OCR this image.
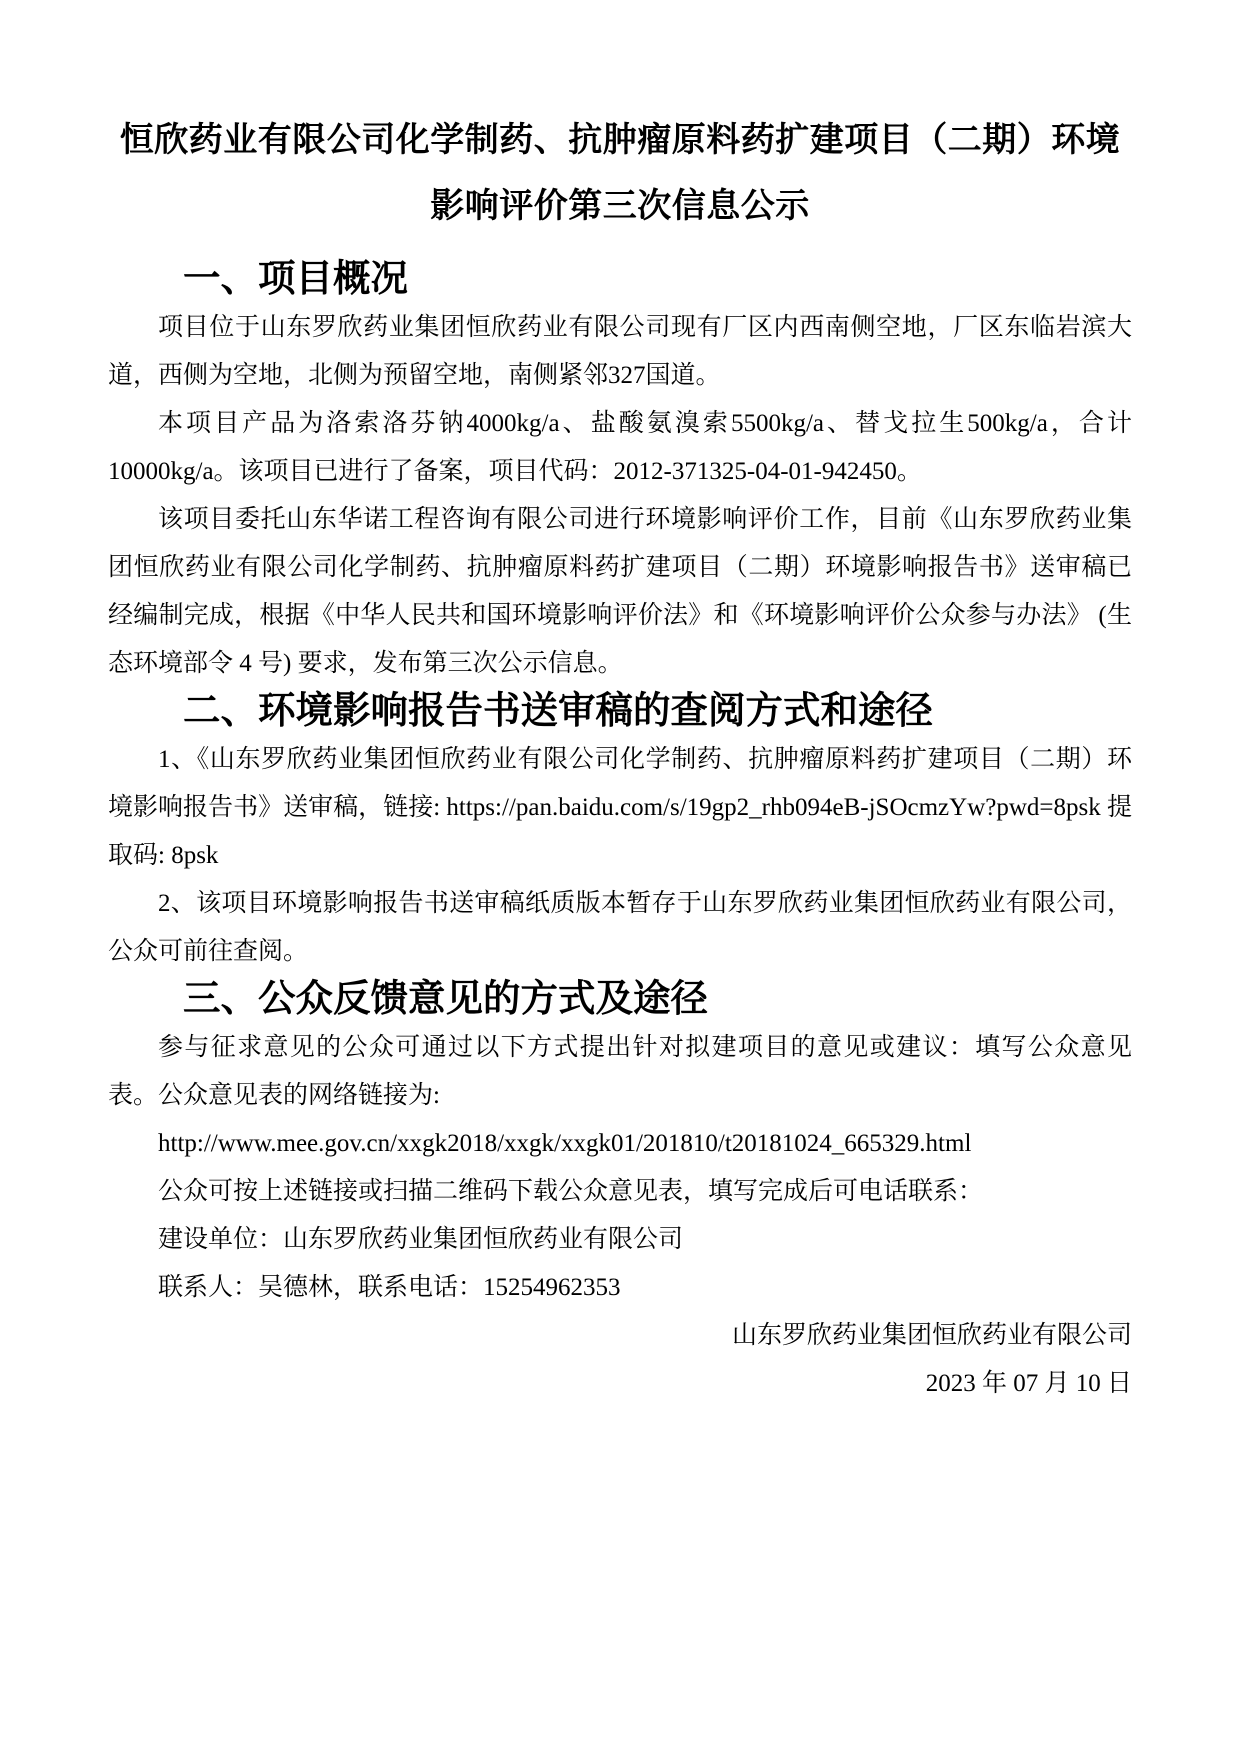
恒欣药业有限公司化学制药、抗肿瘤原料药扩建项目（二期）环境影响评价第三次信息公示
一、项目概况

项目位于山东罗欣药业集团恒欣药业有限公司现有厂区内西南侧空地，厂区东临岩滨大道，西侧为空地，北侧为预留空地，南侧紧邻327国道。

本项目产品为洛索洛芬钠4000kg/a、盐酸氨溴索5500kg/a、替戈拉生500kg/a，合计10000kg/a。该项目已进行了备案，项目代码：2012-371325-04-01-942450。

该项目委托山东华诺工程咨询有限公司进行环境影响评价工作，目前《山东罗欣药业集团恒欣药业有限公司化学制药、抗肿瘤原料药扩建项目（二期）环境影响报告书》送审稿已经编制完成，根据《中华人民共和国环境影响评价法》和《环境影响评价公众参与办法》 (生态环境部令 4 号) 要求，发布第三次公示信息。

二、环境影响报告书送审稿的查阅方式和途径

1、《山东罗欣药业集团恒欣药业有限公司化学制药、抗肿瘤原料药扩建项目（二期）环境影响报告书》送审稿，链接: https://pan.baidu.com/s/19gp2_rhb094eB-jSOcmzYw?pwd=8psk 提取码: 8psk

2、该项目环境影响报告书送审稿纸质版本暂存于山东罗欣药业集团恒欣药业有限公司，公众可前往查阅。

三、公众反馈意见的方式及途径

参与征求意见的公众可通过以下方式提出针对拟建项目的意见或建议：填写公众意见表。公众意见表的网络链接为:

http://www.mee.gov.cn/xxgk2018/xxgk/xxgk01/201810/t20181024_665329.html

公众可按上述链接或扫描二维码下载公众意见表，填写完成后可电话联系：

建设单位：山东罗欣药业集团恒欣药业有限公司

联系人：吴德林，联系电话：15254962353

山东罗欣药业集团恒欣药业有限公司

2023 年 07 月 10 日
